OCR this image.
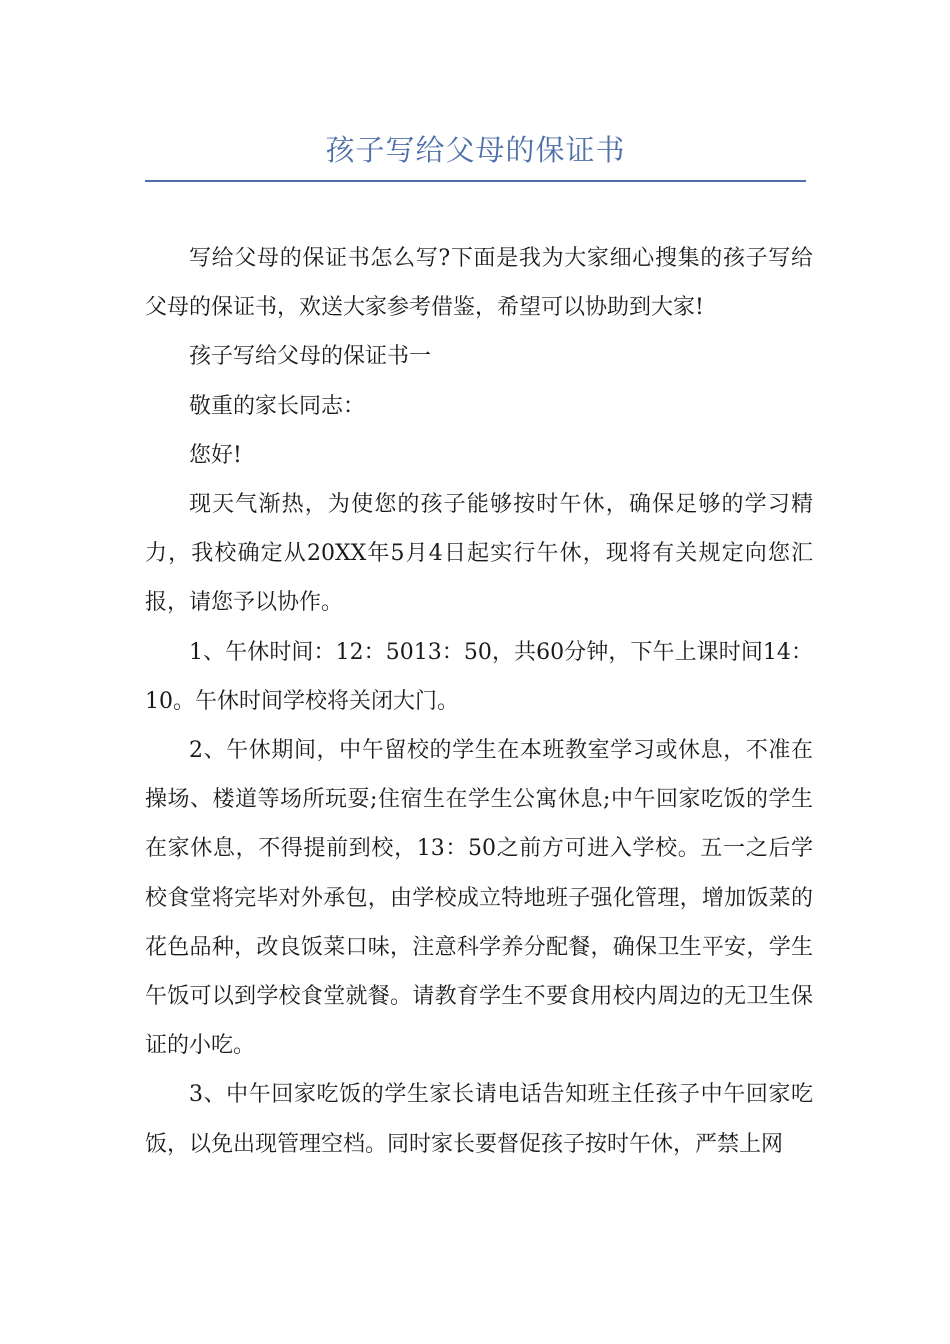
孩子写给父母的保证书

写给父母的保证书怎么写?下面是我为大家细心搜集的孩子写给父母的保证书，欢送大家参考借鉴，希望可以协助到大家!

孩子写给父母的保证书一

敬重的家长同志：

您好!

现天气渐热，为使您的孩子能够按时午休，确保足够的学习精力，我校确定从20XX年5月4日起实行午休，现将有关规定向您汇报，请您予以协作。

1、午休时间：12：5013：50，共60分钟，下午上课时间14：10。午休时间学校将关闭大门。

2、午休期间，中午留校的学生在本班教室学习或休息，不准在操场、楼道等场所玩耍;住宿生在学生公寓休息;中午回家吃饭的学生在家休息，不得提前到校，13：50之前方可进入学校。五一之后学校食堂将完毕对外承包，由学校成立特地班子强化管理，增加饭菜的花色品种，改良饭菜口味，注意科学养分配餐，确保卫生平安，学生午饭可以到学校食堂就餐。请教育学生不要食用校内周边的无卫生保证的小吃。

3、中午回家吃饭的学生家长请电话告知班主任孩子中午回家吃饭，以免出现管理空档。同时家长要督促孩子按时午休，严禁上网
